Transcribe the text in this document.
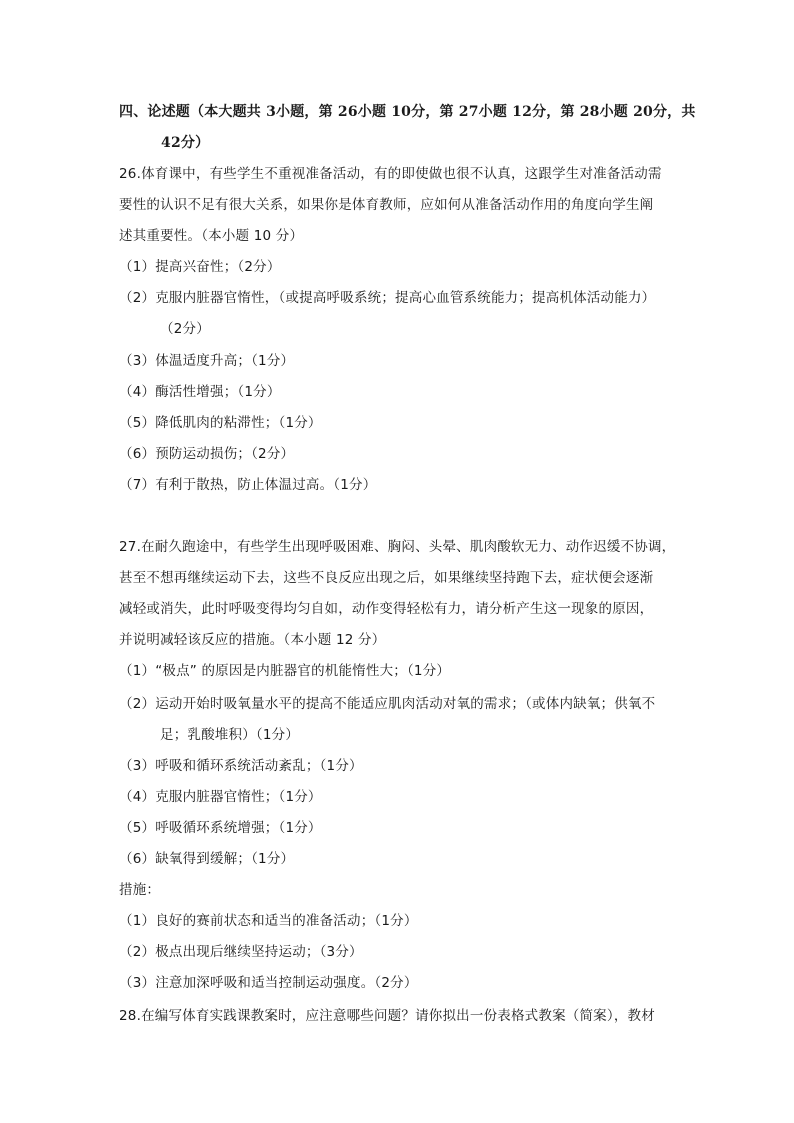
四、论述题（本大题共 3小题，第 26小题 10分，第 27小题 12分，第 28小题 20分，共
42分）
26.体育课中，有些学生不重视准备活动，有的即使做也很不认真，这跟学生对准备活动需
要性的认识不足有很大关系，如果你是体育教师，应如何从准备活动作用的角度向学生阐
述其重要性。（本小题 10 分）
（1）提高兴奋性；（2分）
（2）克服内脏器官惰性，（或提高呼吸系统；提高心血管系统能力；提高机体活动能力）
（2分）
（3）体温适度升高；（1分）
（4）酶活性增强；（1分）
（5）降低肌肉的粘滞性；（1分）
（6）预防运动损伤；（2分）
（7）有利于散热，防止体温过高。（1分）
27.在耐久跑途中，有些学生出现呼吸困难、胸闷、头晕、肌肉酸软无力、动作迟缓不协调，
甚至不想再继续运动下去，这些不良反应出现之后，如果继续坚持跑下去，症状便会逐渐
减轻或消失，此时呼吸变得均匀自如，动作变得轻松有力，请分析产生这一现象的原因，
并说明减轻该反应的措施。（本小题 12 分）
（1）“极点” 的原因是内脏器官的机能惰性大；（1分）
（2）运动开始时吸氧量水平的提高不能适应肌肉活动对氧的需求；（或体内缺氧；供氧不
足；乳酸堆积）（1分）
（3）呼吸和循环系统活动紊乱；（1分）
（4）克服内脏器官惰性；（1分）
（5）呼吸循环系统增强；（1分）
（6）缺氧得到缓解；（1分）
措施：
（1）良好的赛前状态和适当的准备活动；（1分）
（2）极点出现后继续坚持运动；（3分）
（3）注意加深呼吸和适当控制运动强度。（2分）
28.在编写体育实践课教案时，应注意哪些问题？请你拟出一份表格式教案（简案），教材
